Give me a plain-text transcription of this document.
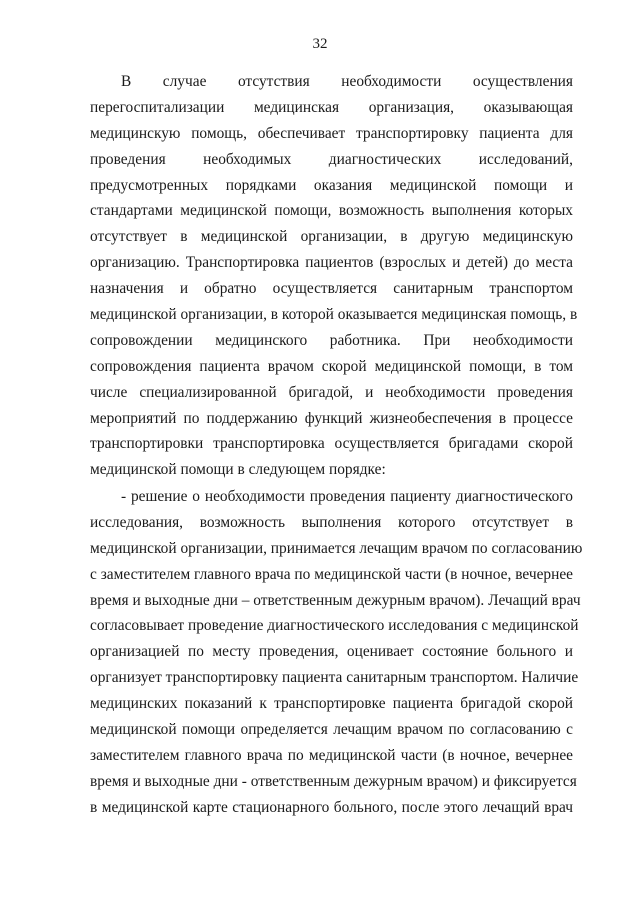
32
В случае отсутствия необходимости осуществления
перегоспитализации медицинская организация, оказывающая
медицинскую помощь, обеспечивает транспортировку пациента для
проведения необходимых диагностических исследований,
предусмотренных порядками оказания медицинской помощи и
стандартами медицинской помощи, возможность выполнения которых
отсутствует в медицинской организации, в другую медицинскую
организацию. Транспортировка пациентов (взрослых и детей) до места
назначения и обратно осуществляется санитарным транспортом
медицинской организации, в которой оказывается медицинская помощь, в
сопровождении медицинского работника. При необходимости
сопровождения пациента врачом скорой медицинской помощи, в том
числе специализированной бригадой, и необходимости проведения
мероприятий по поддержанию функций жизнеобеспечения в процессе
транспортировки транспортировка осуществляется бригадами скорой
медицинской помощи в следующем порядке:
- решение о необходимости проведения пациенту диагностического
исследования, возможность выполнения которого отсутствует в
медицинской организации, принимается лечащим врачом по согласованию
с заместителем главного врача по медицинской части (в ночное, вечернее
время и выходные дни – ответственным дежурным врачом). Лечащий врач
согласовывает проведение диагностического исследования с медицинской
организацией по месту проведения, оценивает состояние больного и
организует транспортировку пациента санитарным транспортом. Наличие
медицинских показаний к транспортировке пациента бригадой скорой
медицинской помощи определяется лечащим врачом по согласованию с
заместителем главного врача по медицинской части (в ночное, вечернее
время и выходные дни - ответственным дежурным врачом) и фиксируется
в медицинской карте стационарного больного, после этого лечащий врач
